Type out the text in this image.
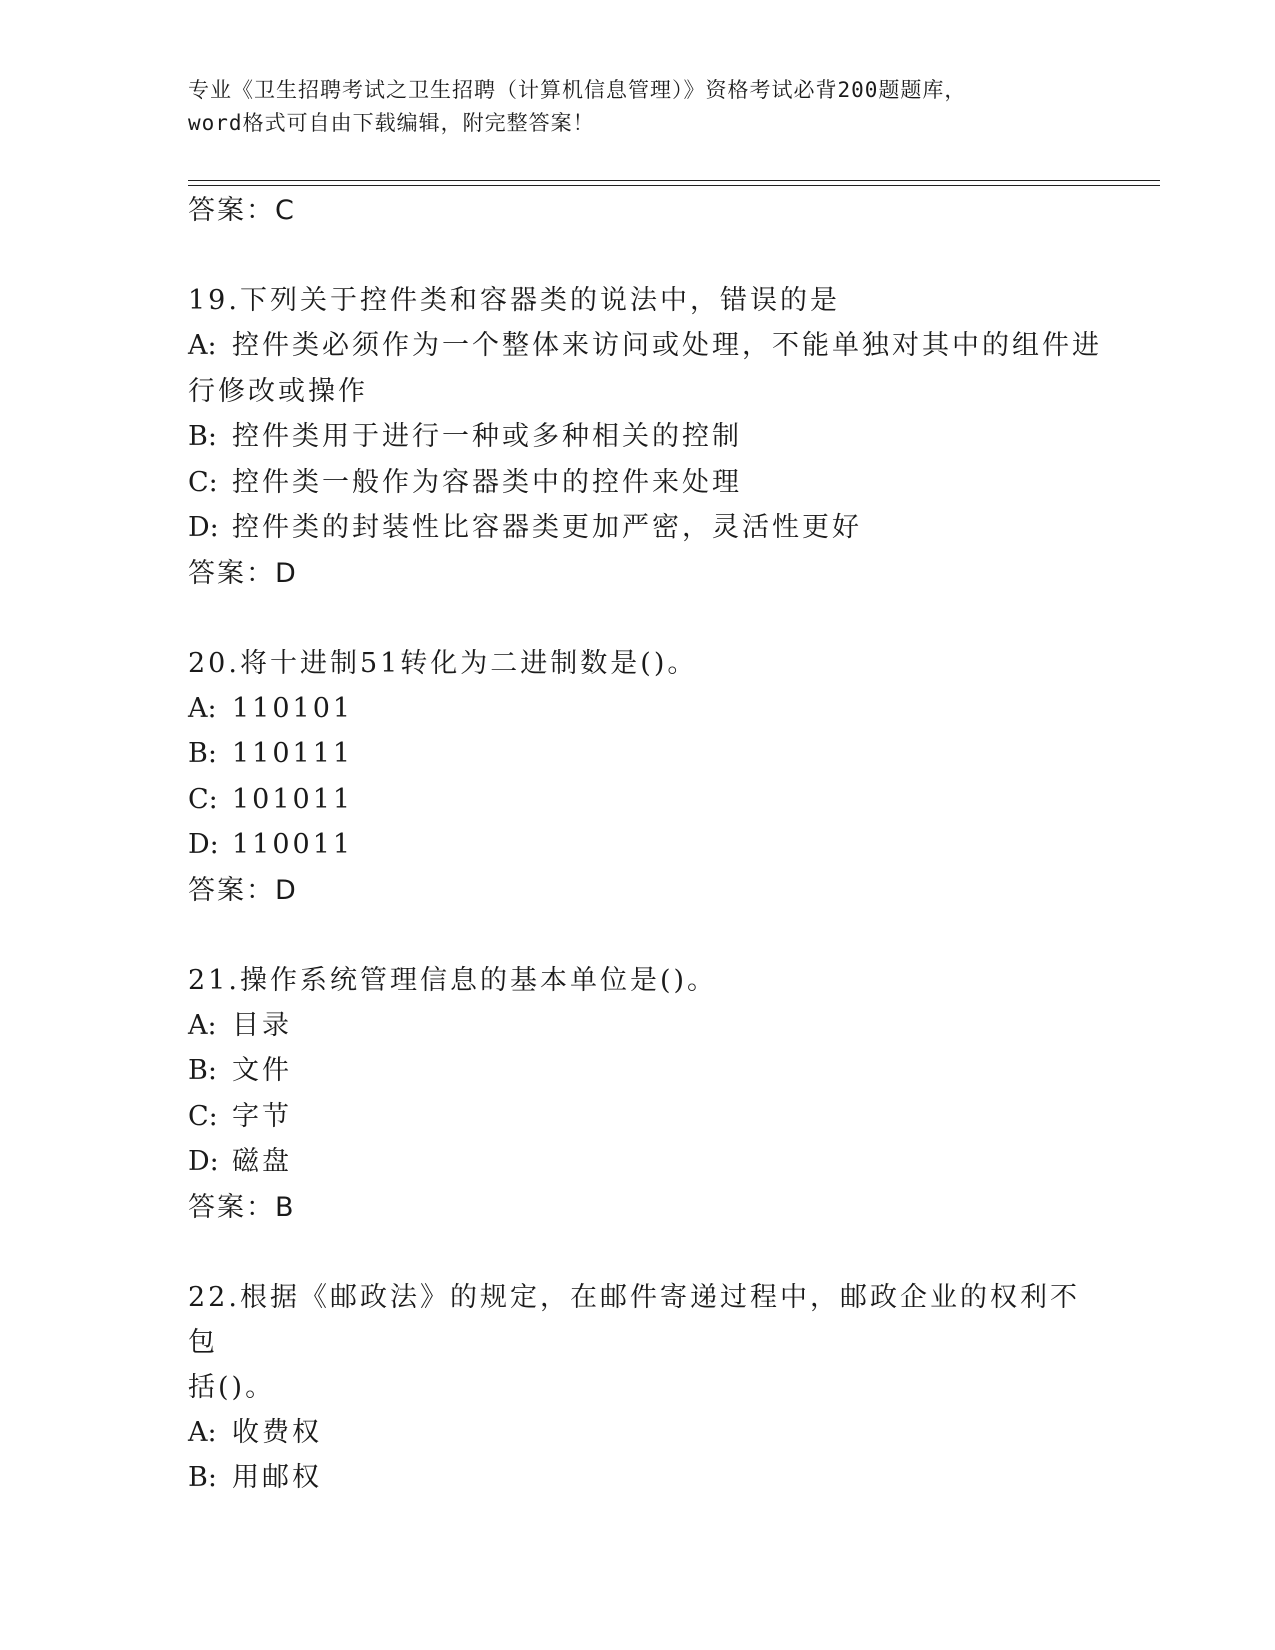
专业《卫生招聘考试之卫生招聘（计算机信息管理）》资格考试必背200题题库，
word格式可自由下载编辑，附完整答案！
答案：C
19.下列关于控件类和容器类的说法中，错误的是
A: 控件类必须作为一个整体来访问或处理，不能单独对其中的组件进
行修改或操作
B: 控件类用于进行一种或多种相关的控制
C: 控件类一般作为容器类中的控件来处理
D: 控件类的封装性比容器类更加严密，灵活性更好
答案：D
20.将十进制51转化为二进制数是()。
A: 110101
B: 110111
C: 101011
D: 110011
答案：D
21.操作系统管理信息的基本单位是()。
A: 目录
B: 文件
C: 字节
D: 磁盘
答案：B
22.根据《邮政法》的规定，在邮件寄递过程中，邮政企业的权利不包
括()。
A: 收费权
B: 用邮权
